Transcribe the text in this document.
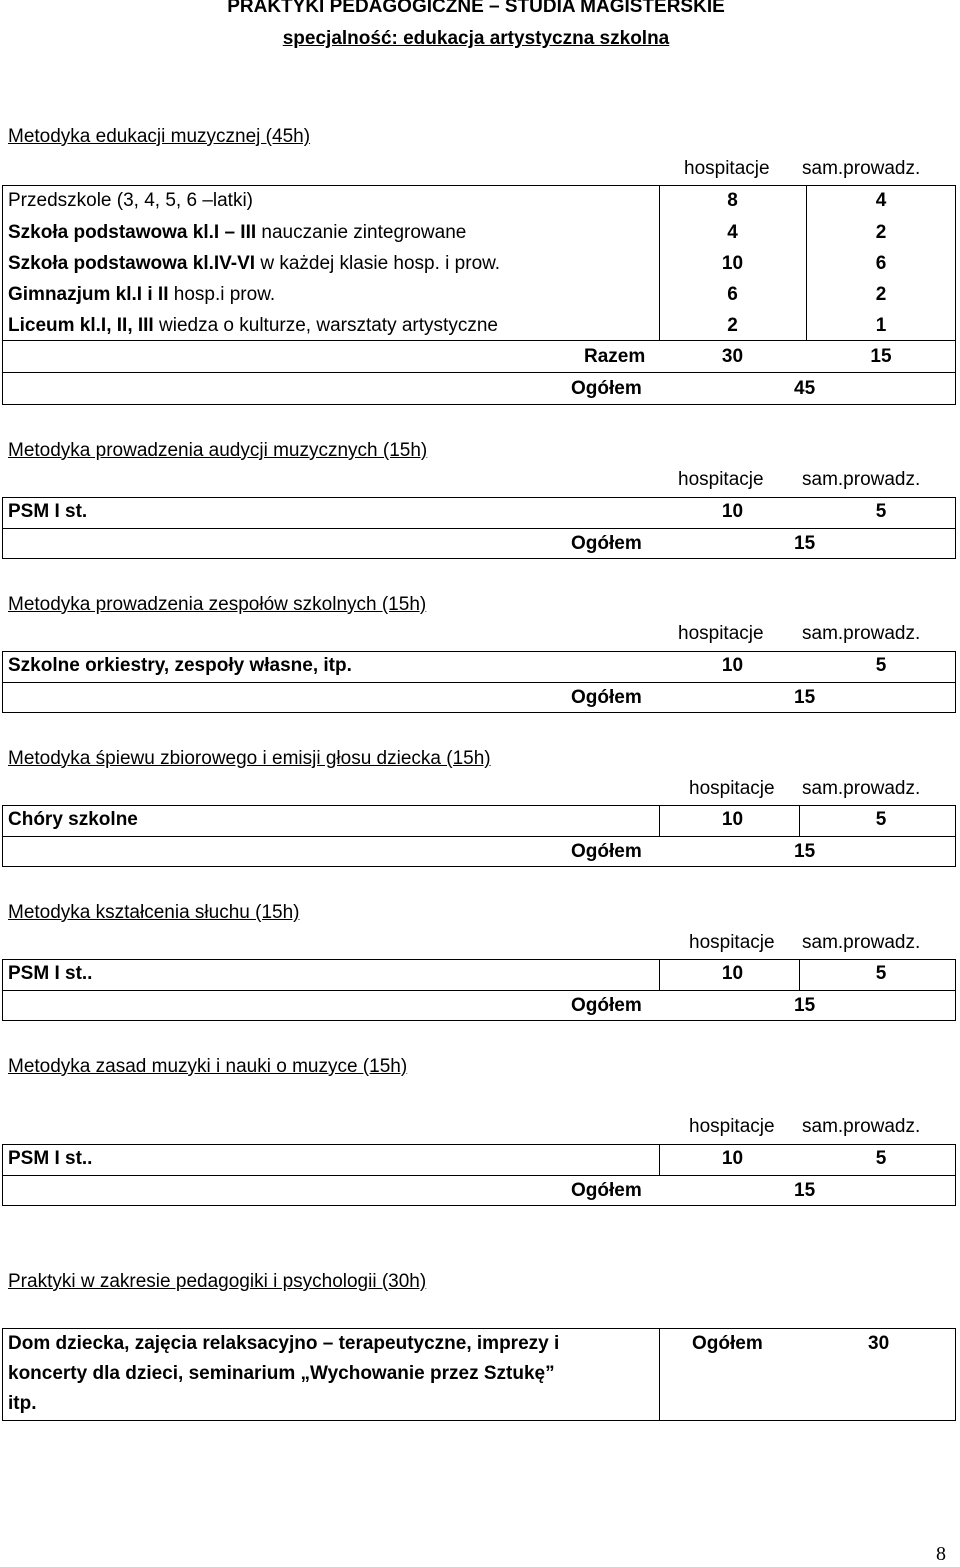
PRAKTYKI PEDAGOGICZNE – STUDIA MAGISTERSKIE
specjalność: edukacja artystyczna szkolna
Metodyka edukacji muzycznej (45h)
hospitacje sam.prowadz.
Przedszkole (3, 4, 5, 6 –latki)	8	4
Szkoła podstawowa kl.I – III nauczanie zintegrowane	4	2
Szkoła podstawowa kl.IV-VI w każdej klasie hosp. i prow.	10	6
Gimnazjum kl.I i II hosp.i prow.	6	2
Liceum kl.I, II, III wiedza o kulturze, warsztaty artystyczne	2	1
Razem	30	15
Ogółem	45
Metodyka prowadzenia audycji muzycznych (15h)
hospitacje sam.prowadz.
PSM I st.	10	5
Ogółem	15
Metodyka prowadzenia zespołów szkolnych (15h)
hospitacje sam.prowadz.
Szkolne orkiestry, zespoły własne, itp.	10	5
Ogółem	15
Metodyka śpiewu zbiorowego i emisji głosu dziecka (15h)
hospitacje sam.prowadz.
Chóry szkolne	10	5
Ogółem	15
Metodyka kształcenia słuchu (15h)
hospitacje sam.prowadz.
PSM I st..	10	5
Ogółem	15
Metodyka zasad muzyki i nauki o muzyce (15h)
hospitacje sam.prowadz.
PSM I st..	10	5
Ogółem	15
Praktyki w zakresie pedagogiki i psychologii (30h)
Dom dziecka, zajęcia relaksacyjno – terapeutyczne, imprezy i
koncerty dla dzieci, seminarium „Wychowanie przez Sztukę”
itp.
Ogółem	30
8
